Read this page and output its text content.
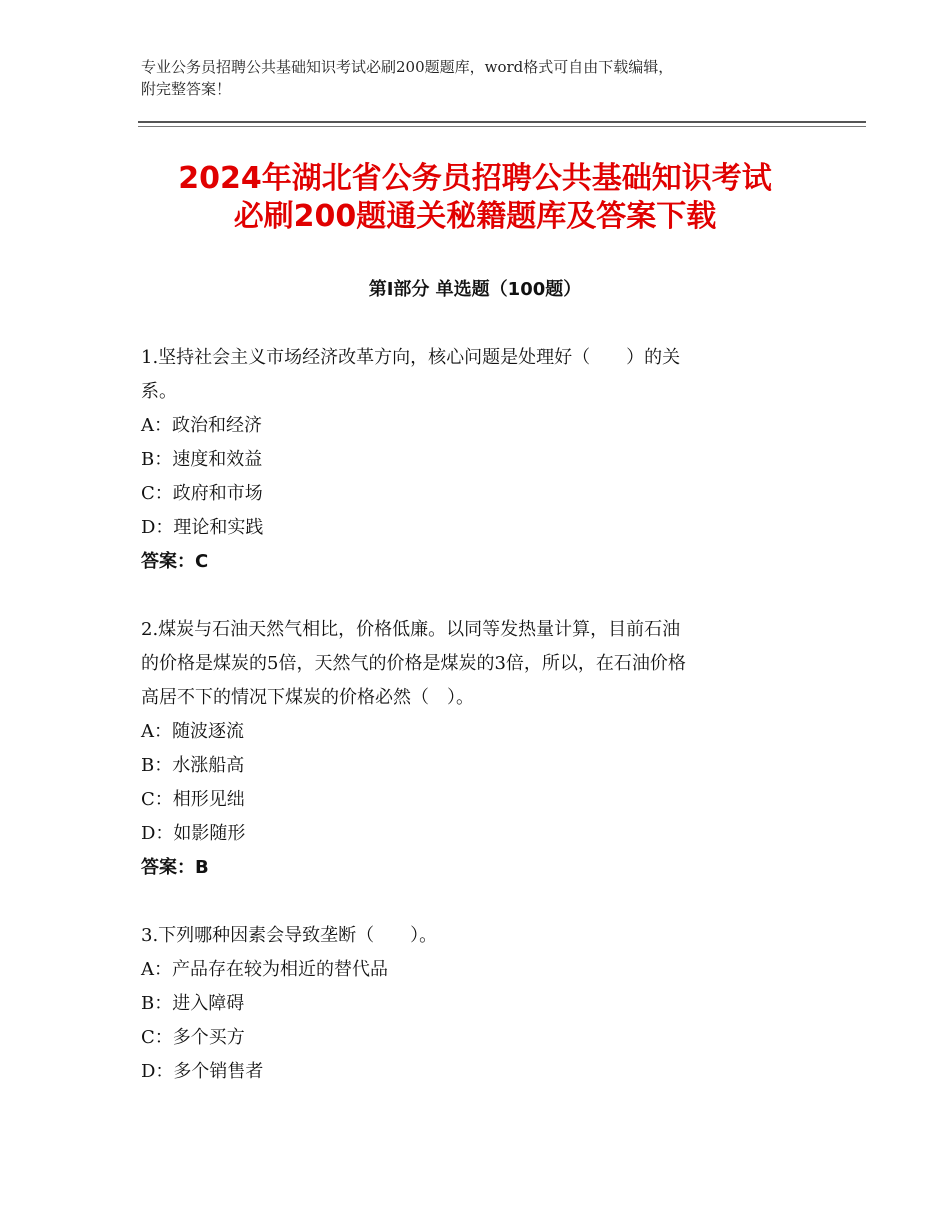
专业公务员招聘公共基础知识考试必刷200题题库，word格式可自由下载编辑，
附完整答案！
2024年湖北省公务员招聘公共基础知识考试
必刷200题通关秘籍题库及答案下载
第Ⅰ部分 单选题（100题）
1.坚持社会主义市场经济改革方向，核心问题是处理好（　　）的关
系。
A：政治和经济
B：速度和效益
C：政府和市场
D：理论和实践
答案：C
2.煤炭与石油天然气相比，价格低廉。以同等发热量计算，目前石油
的价格是煤炭的5倍，天然气的价格是煤炭的3倍，所以，在石油价格
高居不下的情况下煤炭的价格必然（　）。
A：随波逐流
B：水涨船高
C：相形见绌
D：如影随形
答案：B
3.下列哪种因素会导致垄断（　　）。
A：产品存在较为相近的替代品
B：进入障碍
C：多个买方
D：多个销售者
